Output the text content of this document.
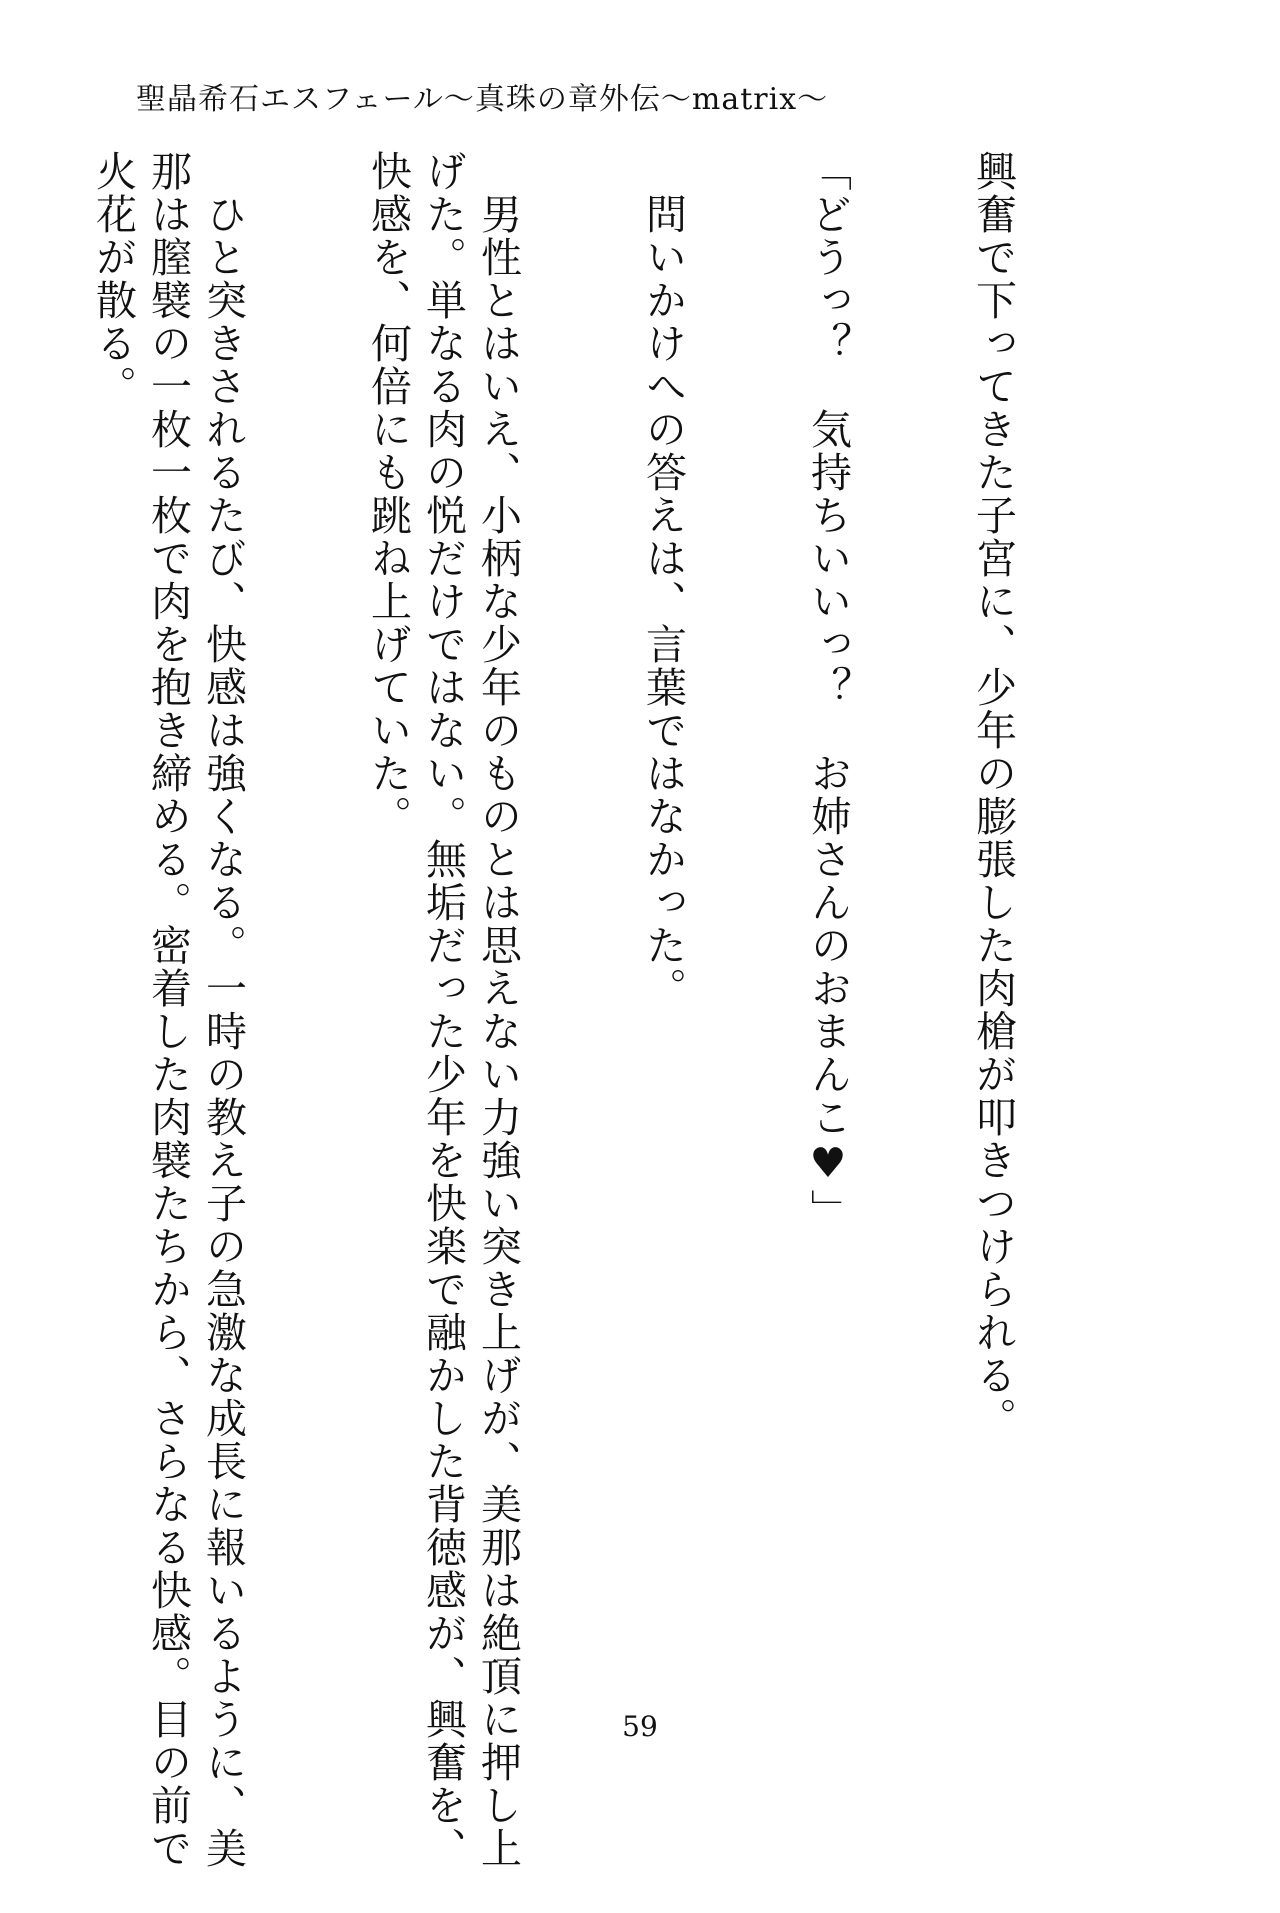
聖晶希石エスフェール〜真珠の章外伝〜matrix〜

興奮で下ってきた子宮に、少年の膨張した肉槍が叩きつけられる。

「どうっ？　気持ちいいっ？　お姉さんのおまんこ♥」

　問いかけへの答えは、言葉ではなかった。

　男性とはいえ、小柄な少年のものとは思えない力強い突き上げが、美那は絶頂に押し上
げた。単なる肉の悦だけではない。無垢だった少年を快楽で融かした背徳感が、興奮を、
快感を、何倍にも跳ね上げていた。

　ひと突きされるたび、快感は強くなる。一時の教え子の急激な成長に報いるように、美
那は膣襞の一枚一枚で肉を抱き締める。密着した肉襞たちから、さらなる快感。目の前で
火花が散る。

59
